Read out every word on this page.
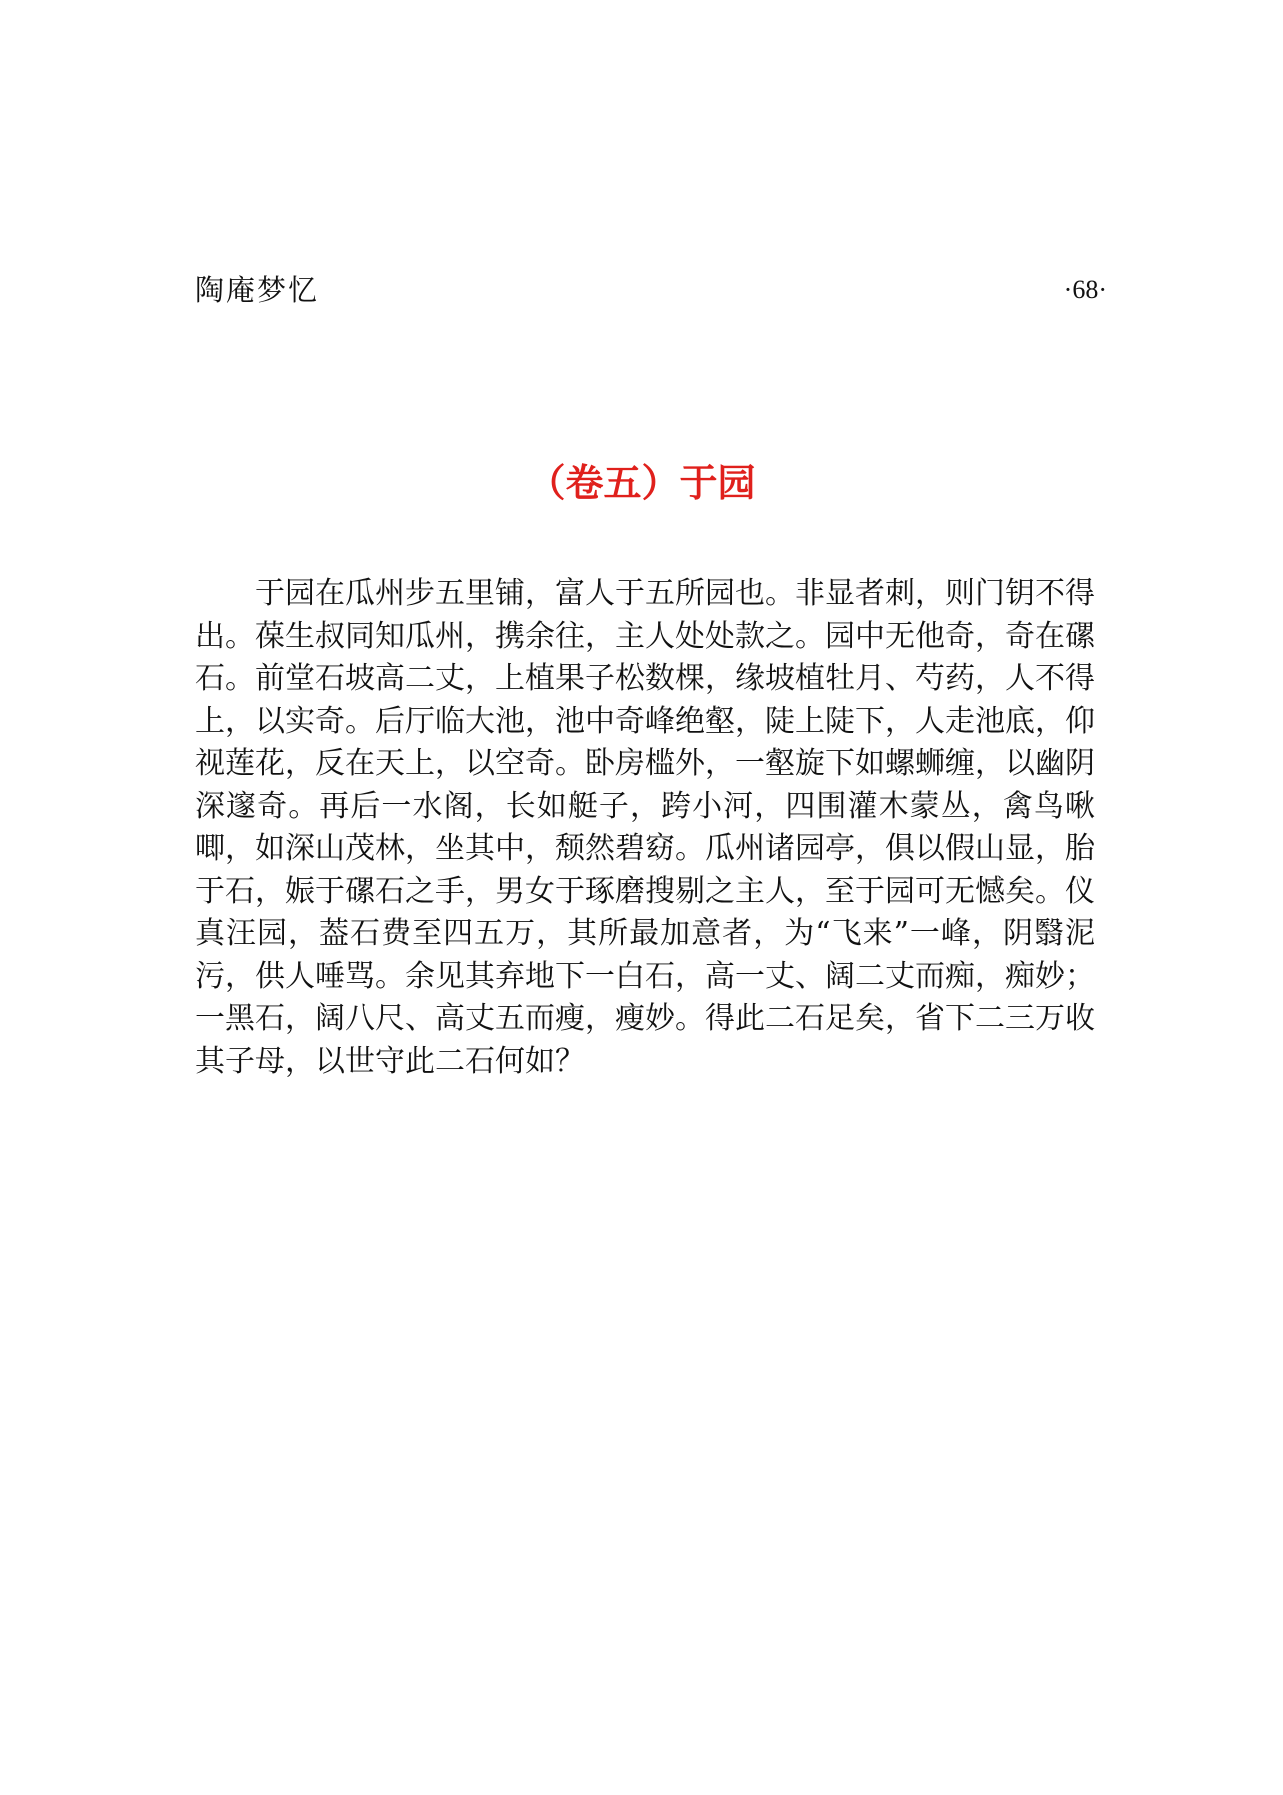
陶庵梦忆	·68·
（卷五）于园

于园在瓜州步五里铺，富人于五所园也。非显者刺，则门钥不得出。葆生叔同知瓜州，携余往，主人处处款之。园中无他奇，奇在磥石。前堂石坡高二丈，上植果子松数棵，缘坡植牡月、芍药，人不得上，以实奇。后厅临大池，池中奇峰绝壑，陡上陡下，人走池底，仰视莲花，反在天上，以空奇。卧房槛外，一壑旋下如螺蛳缠，以幽阴深邃奇。再后一水阁，长如艇子，跨小河，四围灌木蒙丛，禽鸟啾唧，如深山茂林，坐其中，颓然碧窈。瓜州诸园亭，俱以假山显，胎于石，娠于磥石之手，男女于琢磨搜剔之主人，至于园可无憾矣。仪真汪园，葢石费至四五万，其所最加意者，为“飞来”一峰，阴翳泥污，供人唾骂。余见其弃地下一白石，高一丈、阔二丈而痴，痴妙；一黑石，阔八尺、高丈五而瘦，瘦妙。得此二石足矣，省下二三万收其子母，以世守此二石何如？
